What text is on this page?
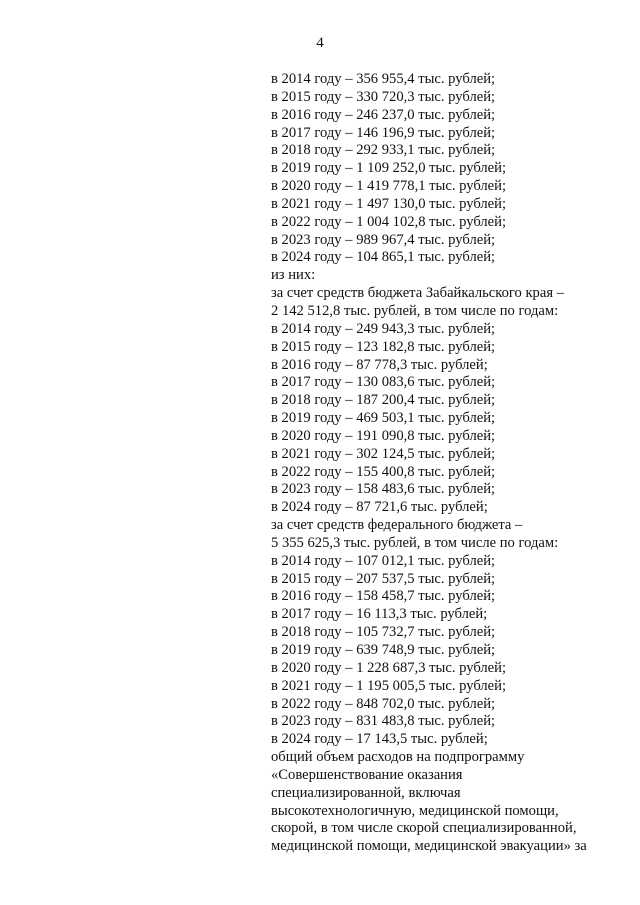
4

в 2014 году – 356 955,4 тыс. рублей;

в 2015 году – 330 720,3 тыс. рублей;

в 2016 году – 246 237,0 тыс. рублей;

в 2017 году – 146 196,9 тыс. рублей;

в 2018 году – 292 933,1 тыс. рублей;

в 2019 году – 1 109 252,0 тыс. рублей;

в 2020 году – 1 419 778,1 тыс. рублей;

в 2021 году – 1 497 130,0 тыс. рублей;

в 2022 году – 1 004 102,8 тыс. рублей;

в 2023 году – 989 967,4 тыс. рублей;

в 2024 году – 104 865,1 тыс. рублей;

из них:

за счет средств бюджета Забайкальского края –

2 142 512,8 тыс. рублей, в том числе по годам:

в 2014 году – 249 943,3 тыс. рублей;

в 2015 году – 123 182,8 тыс. рублей;

в 2016 году – 87 778,3 тыс. рублей;

в 2017 году – 130 083,6 тыс. рублей;

в 2018 году – 187 200,4 тыс. рублей;

в 2019 году – 469 503,1 тыс. рублей;

в 2020 году – 191 090,8 тыс. рублей;

в 2021 году – 302 124,5 тыс. рублей;

в 2022 году – 155 400,8 тыс. рублей;

в 2023 году – 158 483,6 тыс. рублей;

в 2024 году – 87 721,6 тыс. рублей;

за счет средств федерального бюджета –

5 355 625,3 тыс. рублей, в том числе по годам:

в 2014 году – 107 012,1 тыс. рублей;

в 2015 году – 207 537,5 тыс. рублей;

в 2016 году – 158 458,7 тыс. рублей;

в 2017 году – 16 113,3 тыс. рублей;

в 2018 году – 105 732,7 тыс. рублей;

в 2019 году – 639 748,9 тыс. рублей;

в 2020 году – 1 228 687,3 тыс. рублей;

в 2021 году – 1 195 005,5 тыс. рублей;

в 2022 году – 848 702,0 тыс. рублей;

в 2023 году – 831 483,8 тыс. рублей;

в 2024 году – 17 143,5 тыс. рублей;

общий объем расходов на подпрограмму

«Совершенствование оказания

специализированной, включая

высокотехнологичную, медицинской помощи,

скорой, в том числе скорой специализированной,

медицинской помощи, медицинской эвакуации» за
